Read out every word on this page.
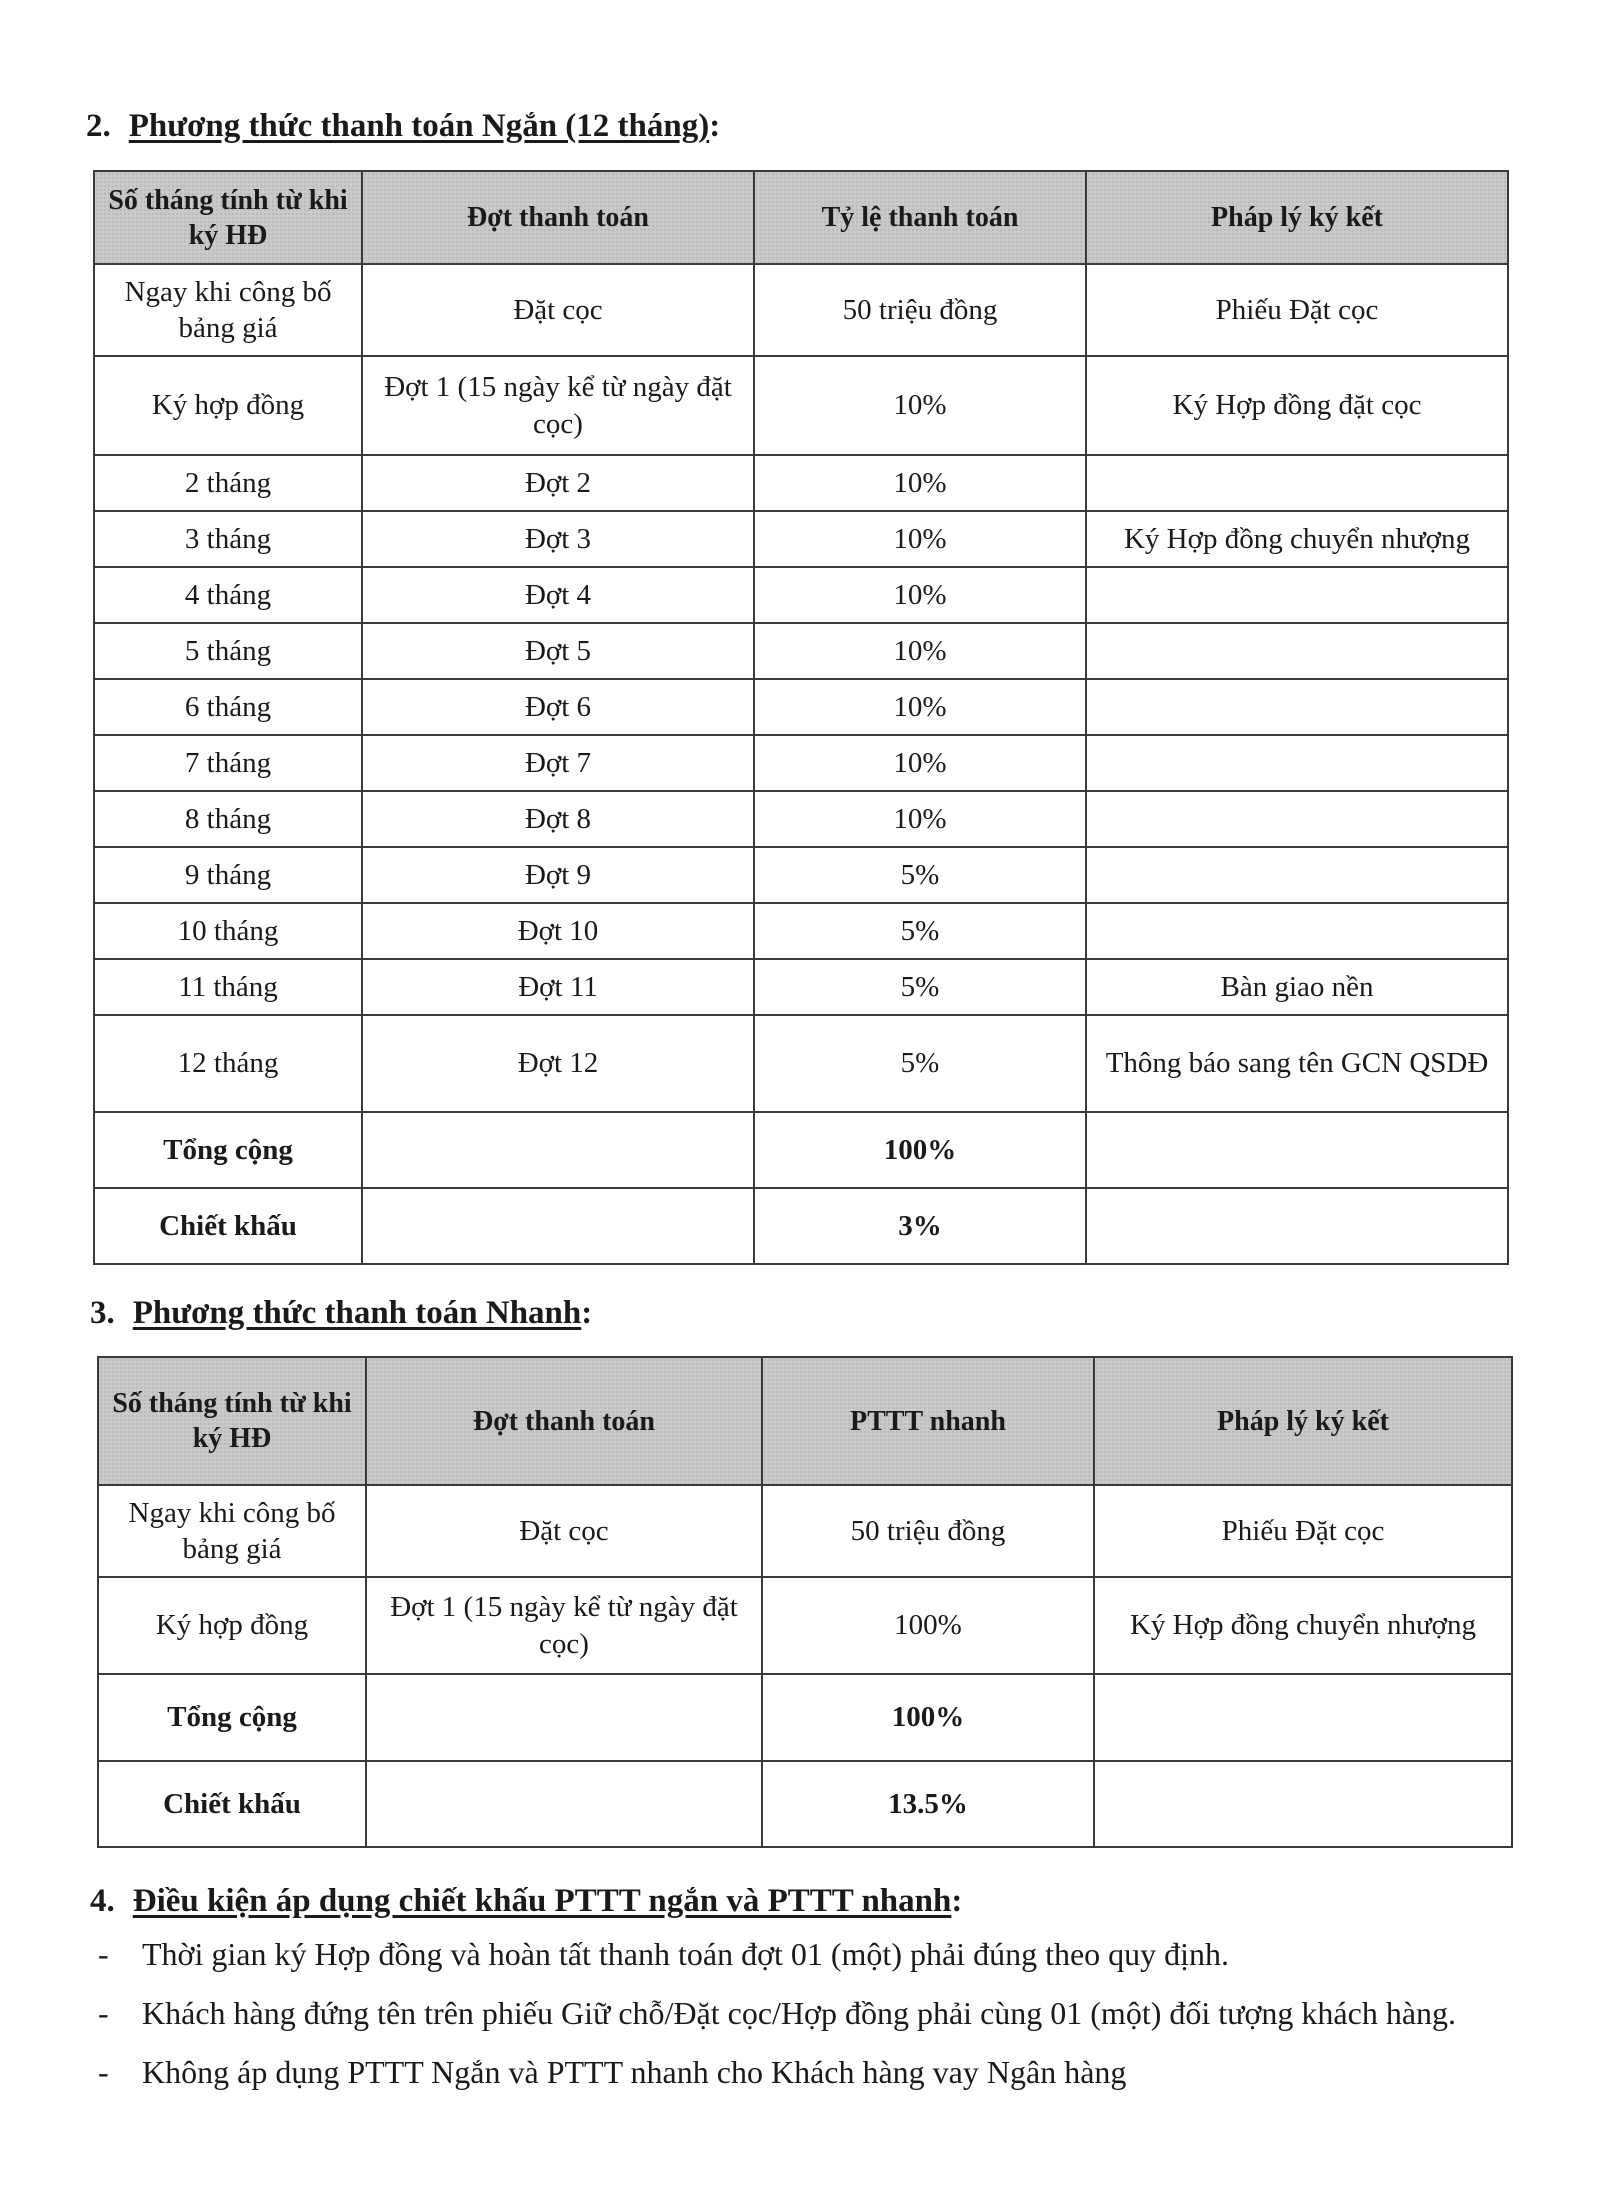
2. Phương thức thanh toán Ngắn (12 tháng):
Số tháng tính từ khi ký HĐ	Đợt thanh toán	Tỷ lệ thanh toán	Pháp lý ký kết
Ngay khi công bố bảng giá	Đặt cọc	50 triệu đồng	Phiếu Đặt cọc
Ký hợp đồng	Đợt 1 (15 ngày kể từ ngày đặt cọc)	10%	Ký Hợp đồng đặt cọc
2 tháng	Đợt 2	10%	
3 tháng	Đợt 3	10%	Ký Hợp đồng chuyển nhượng
4 tháng	Đợt 4	10%	
5 tháng	Đợt 5	10%	
6 tháng	Đợt 6	10%	
7 tháng	Đợt 7	10%	
8 tháng	Đợt 8	10%	
9 tháng	Đợt 9	5%	
10 tháng	Đợt 10	5%	
11 tháng	Đợt 11	5%	Bàn giao nền
12 tháng	Đợt 12	5%	Thông báo sang tên GCN QSDĐ
Tổng cộng		100%	
Chiết khấu		3%	
3. Phương thức thanh toán Nhanh:
Số tháng tính từ khi ký HĐ	Đợt thanh toán	PTTT nhanh	Pháp lý ký kết
Ngay khi công bố bảng giá	Đặt cọc	50 triệu đồng	Phiếu Đặt cọc
Ký hợp đồng	Đợt 1 (15 ngày kể từ ngày đặt cọc)	100%	Ký Hợp đồng chuyển nhượng
Tổng cộng		100%	
Chiết khấu		13.5%	
4. Điều kiện áp dụng chiết khấu PTTT ngắn và PTTT nhanh:
- Thời gian ký Hợp đồng và hoàn tất thanh toán đợt 01 (một) phải đúng theo quy định.
- Khách hàng đứng tên trên phiếu Giữ chỗ/Đặt cọc/Hợp đồng phải cùng 01 (một) đối tượng khách hàng.
- Không áp dụng PTTT Ngắn và PTTT nhanh cho Khách hàng vay Ngân hàng
